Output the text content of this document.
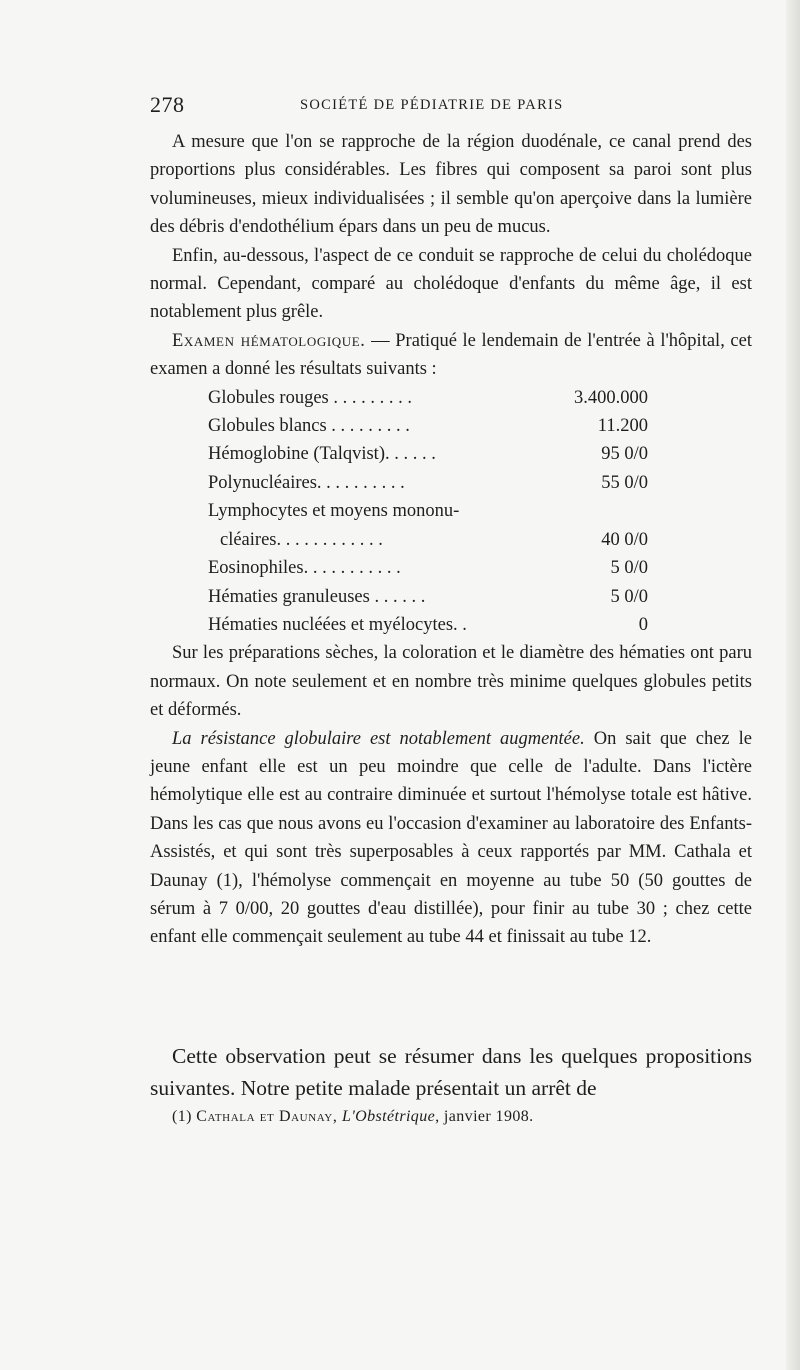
278	SOCIÉTÉ DE PÉDIATRIE DE PARIS

A mesure que l'on se rapproche de la région duodénale, ce canal prend des proportions plus considérables. Les fibres qui composent sa paroi sont plus volumineuses, mieux individualisées ; il semble qu'on aperçoive dans la lumière des débris d'endothélium épars dans un peu de mucus.

Enfin, au-dessous, l'aspect de ce conduit se rapproche de celui du cholédoque normal. Cependant, comparé au cholédoque d'enfants du même âge, il est notablement plus grêle.

Examen hématologique. — Pratiqué le lendemain de l'entrée à l'hôpital, cet examen a donné les résultats suivants :

Globules rouges . . . . . . . . .	3.400.000
Globules blancs . . . . . . . . .	11.200
Hémoglobine (Talqvist). . . . . .	95 0/0
Polynucléaires. . . . . . . . . .	55 0/0
Lymphocytes et moyens mononu-	
cléaires. . . . . . . . . . . .	40 0/0
Eosinophiles. . . . . . . . . . .	5 0/0
Hématies granuleuses . . . . . .	5 0/0
Hématies nucléées et myélocytes. .	0

Sur les préparations sèches, la coloration et le diamètre des hématies ont paru normaux. On note seulement et en nombre très minime quelques globules petits et déformés.

La résistance globulaire est notablement augmentée. On sait que chez le jeune enfant elle est un peu moindre que celle de l'adulte. Dans l'ictère hémolytique elle est au contraire diminuée et surtout l'hémolyse totale est hâtive. Dans les cas que nous avons eu l'occasion d'examiner au laboratoire des Enfants-Assistés, et qui sont très superposables à ceux rapportés par MM. Cathala et Daunay (1), l'hémolyse commençait en moyenne au tube 50 (50 gouttes de sérum à 7 0/00, 20 gouttes d'eau distillée), pour finir au tube 30 ; chez cette enfant elle commençait seulement au tube 44 et finissait au tube 12.

Cette observation peut se résumer dans les quelques propositions suivantes. Notre petite malade présentait un arrêt de

(1) Cathala et Daunay, L'Obstétrique, janvier 1908.
